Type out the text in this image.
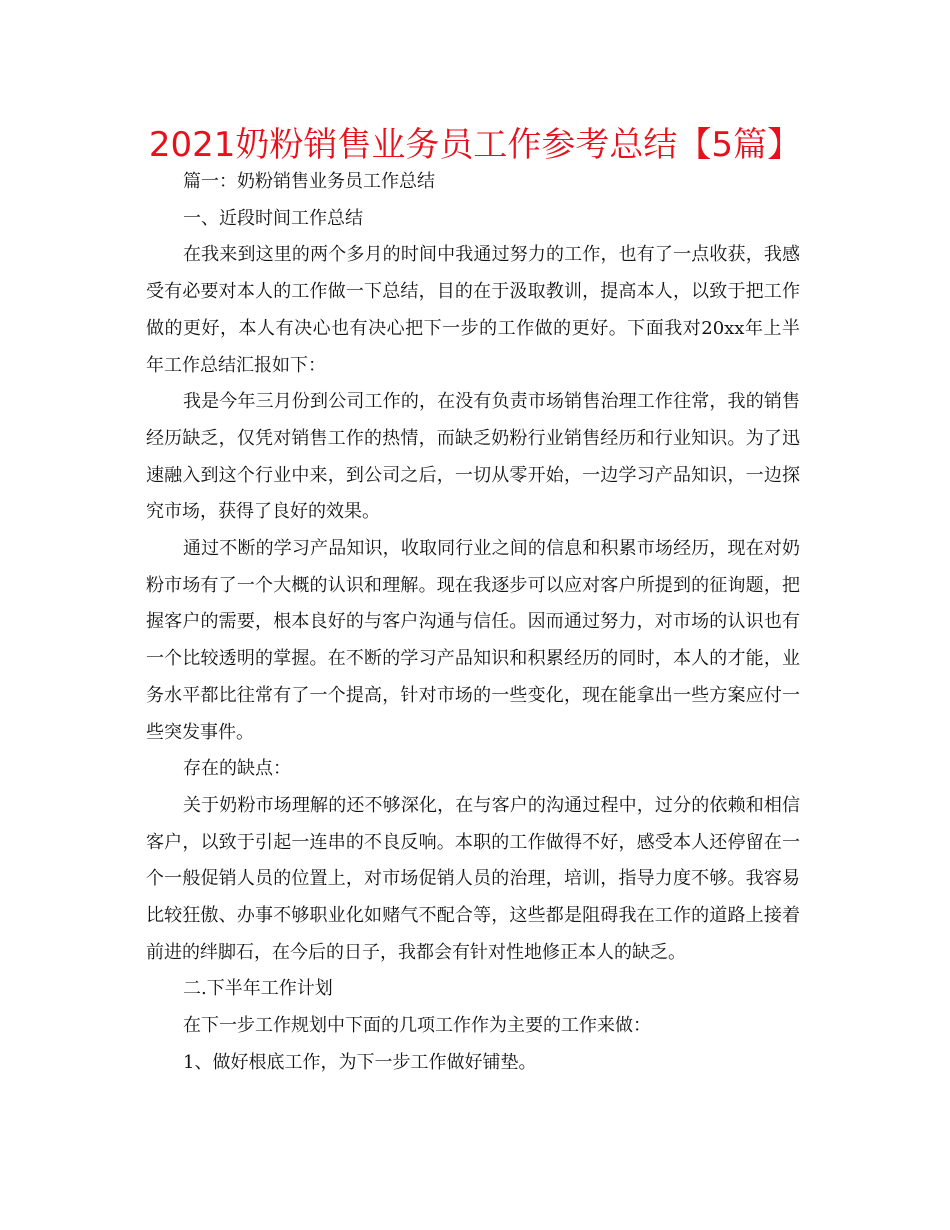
2021奶粉销售业务员工作参考总结【5篇】

篇一：奶粉销售业务员工作总结

一、近段时间工作总结

在我来到这里的两个多月的时间中我通过努力的工作，也有了一点收获，我感受有必要对本人的工作做一下总结，目的在于汲取教训，提高本人，以致于把工作做的更好，本人有决心也有决心把下一步的工作做的更好。下面我对20xx年上半年工作总结汇报如下：

我是今年三月份到公司工作的，在没有负责市场销售治理工作往常，我的销售经历缺乏，仅凭对销售工作的热情，而缺乏奶粉行业销售经历和行业知识。为了迅速融入到这个行业中来，到公司之后，一切从零开始，一边学习产品知识，一边探究市场，获得了良好的效果。

通过不断的学习产品知识，收取同行业之间的信息和积累市场经历，现在对奶粉市场有了一个大概的认识和理解。现在我逐步可以应对客户所提到的征询题，把握客户的需要，根本良好的与客户沟通与信任。因而通过努力，对市场的认识也有一个比较透明的掌握。在不断的学习产品知识和积累经历的同时，本人的才能，业务水平都比往常有了一个提高，针对市场的一些变化，现在能拿出一些方案应付一些突发事件。

存在的缺点：

关于奶粉市场理解的还不够深化，在与客户的沟通过程中，过分的依赖和相信客户，以致于引起一连串的不良反响。本职的工作做得不好，感受本人还停留在一个一般促销人员的位置上，对市场促销人员的治理，培训，指导力度不够。我容易比较狂傲、办事不够职业化如赌气不配合等，这些都是阻碍我在工作的道路上接着前进的绊脚石，在今后的日子，我都会有针对性地修正本人的缺乏。

二.下半年工作计划

在下一步工作规划中下面的几项工作作为主要的工作来做：

1、做好根底工作，为下一步工作做好铺垫。
